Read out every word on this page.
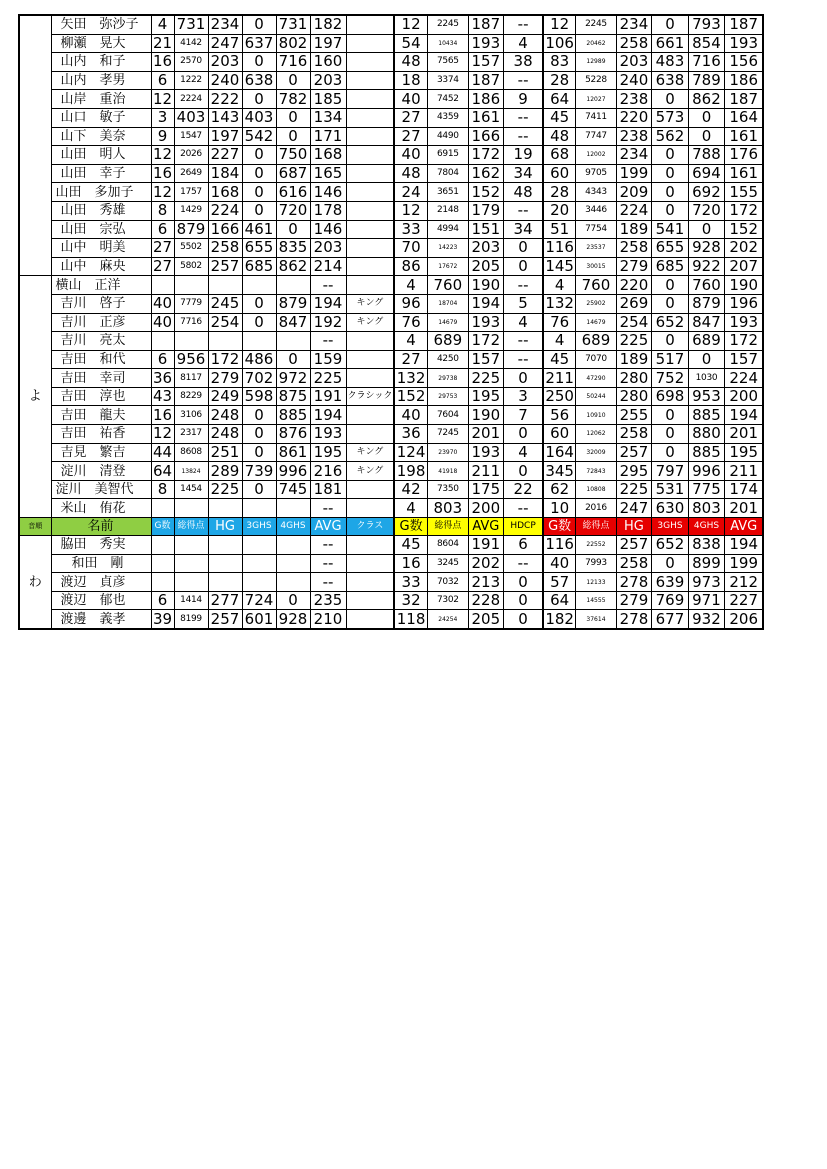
	矢田　弥沙子	4	731	234	0	731	182		12	2245	187	--	12	2245	234	0	793	187
	柳瀬　晃大	21	4142	247	637	802	197		54	10434	193	4	106	20462	258	661	854	193
	山内　和子	16	2570	203	0	716	160		48	7565	157	38	83	12989	203	483	716	156
	山内　孝男	6	1222	240	638	0	203		18	3374	187	--	28	5228	240	638	789	186
	山岸　重治	12	2224	222	0	782	185		40	7452	186	9	64	12027	238	0	862	187
	山口　敏子	3	403	143	403	0	134		27	4359	161	--	45	7411	220	573	0	164
	山下　美奈	9	1547	197	542	0	171		27	4490	166	--	48	7747	238	562	0	161
	山田　明人	12	2026	227	0	750	168		40	6915	172	19	68	12002	234	0	788	176
	山田　幸子	16	2649	184	0	687	165		48	7804	162	34	60	9705	199	0	694	161
	山田　多加子	12	1757	168	0	616	146		24	3651	152	48	28	4343	209	0	692	155
	山田　秀雄	8	1429	224	0	720	178		12	2148	179	--	20	3446	224	0	720	172
	山田　宗弘	6	879	166	461	0	146		33	4994	151	34	51	7754	189	541	0	152
	山中　明美	27	5502	258	655	835	203		70	14223	203	0	116	23537	258	655	928	202
	山中　麻央	27	5802	257	685	862	214		86	17672	205	0	145	30015	279	685	922	207
よ	横山　正洋						--		4	760	190	--	4	760	220	0	760	190
	吉川　啓子	40	7779	245	0	879	194	キング	96	18704	194	5	132	25902	269	0	879	196
	吉川　正彦	40	7716	254	0	847	192	キング	76	14679	193	4	76	14679	254	652	847	193
	吉川　亮太						--		4	689	172	--	4	689	225	0	689	172
	吉田　和代	6	956	172	486	0	159		27	4250	157	--	45	7070	189	517	0	157
	吉田　幸司	36	8117	279	702	972	225		132	29738	225	0	211	47290	280	752	1030	224
	吉田　淳也	43	8229	249	598	875	191	クラシック	152	29753	195	3	250	50244	280	698	953	200
	吉田　龍夫	16	3106	248	0	885	194		40	7604	190	7	56	10910	255	0	885	194
	吉田　祐香	12	2317	248	0	876	193		36	7245	201	0	60	12062	258	0	880	201
	吉見　繁吉	44	8608	251	0	861	195	キング	124	23970	193	4	164	32009	257	0	885	195
	淀川　清登	64	13824	289	739	996	216	キング	198	41918	211	0	345	72843	295	797	996	211
	淀川　美智代	8	1454	225	0	745	181		42	7350	175	22	62	10808	225	531	775	174
	米山　侑花						--		4	803	200	--	10	2016	247	630	803	201
音順	名前	G数	総得点	HG	3GHS	4GHS	AVG	クラス	G数	総得点	AVG	HDCP	G数	総得点	HG	3GHS	4GHS	AVG
わ	脇田　秀実						--		45	8604	191	6	116	22552	257	652	838	194
	和田　剛						--		16	3245	202	--	40	7993	258	0	899	199
	渡辺　貞彦						--		33	7032	213	0	57	12133	278	639	973	212
	渡辺　郁也	6	1414	277	724	0	235		32	7302	228	0	64	14555	279	769	971	227
	渡邊　義孝	39	8199	257	601	928	210		118	24254	205	0	182	37614	278	677	932	206
